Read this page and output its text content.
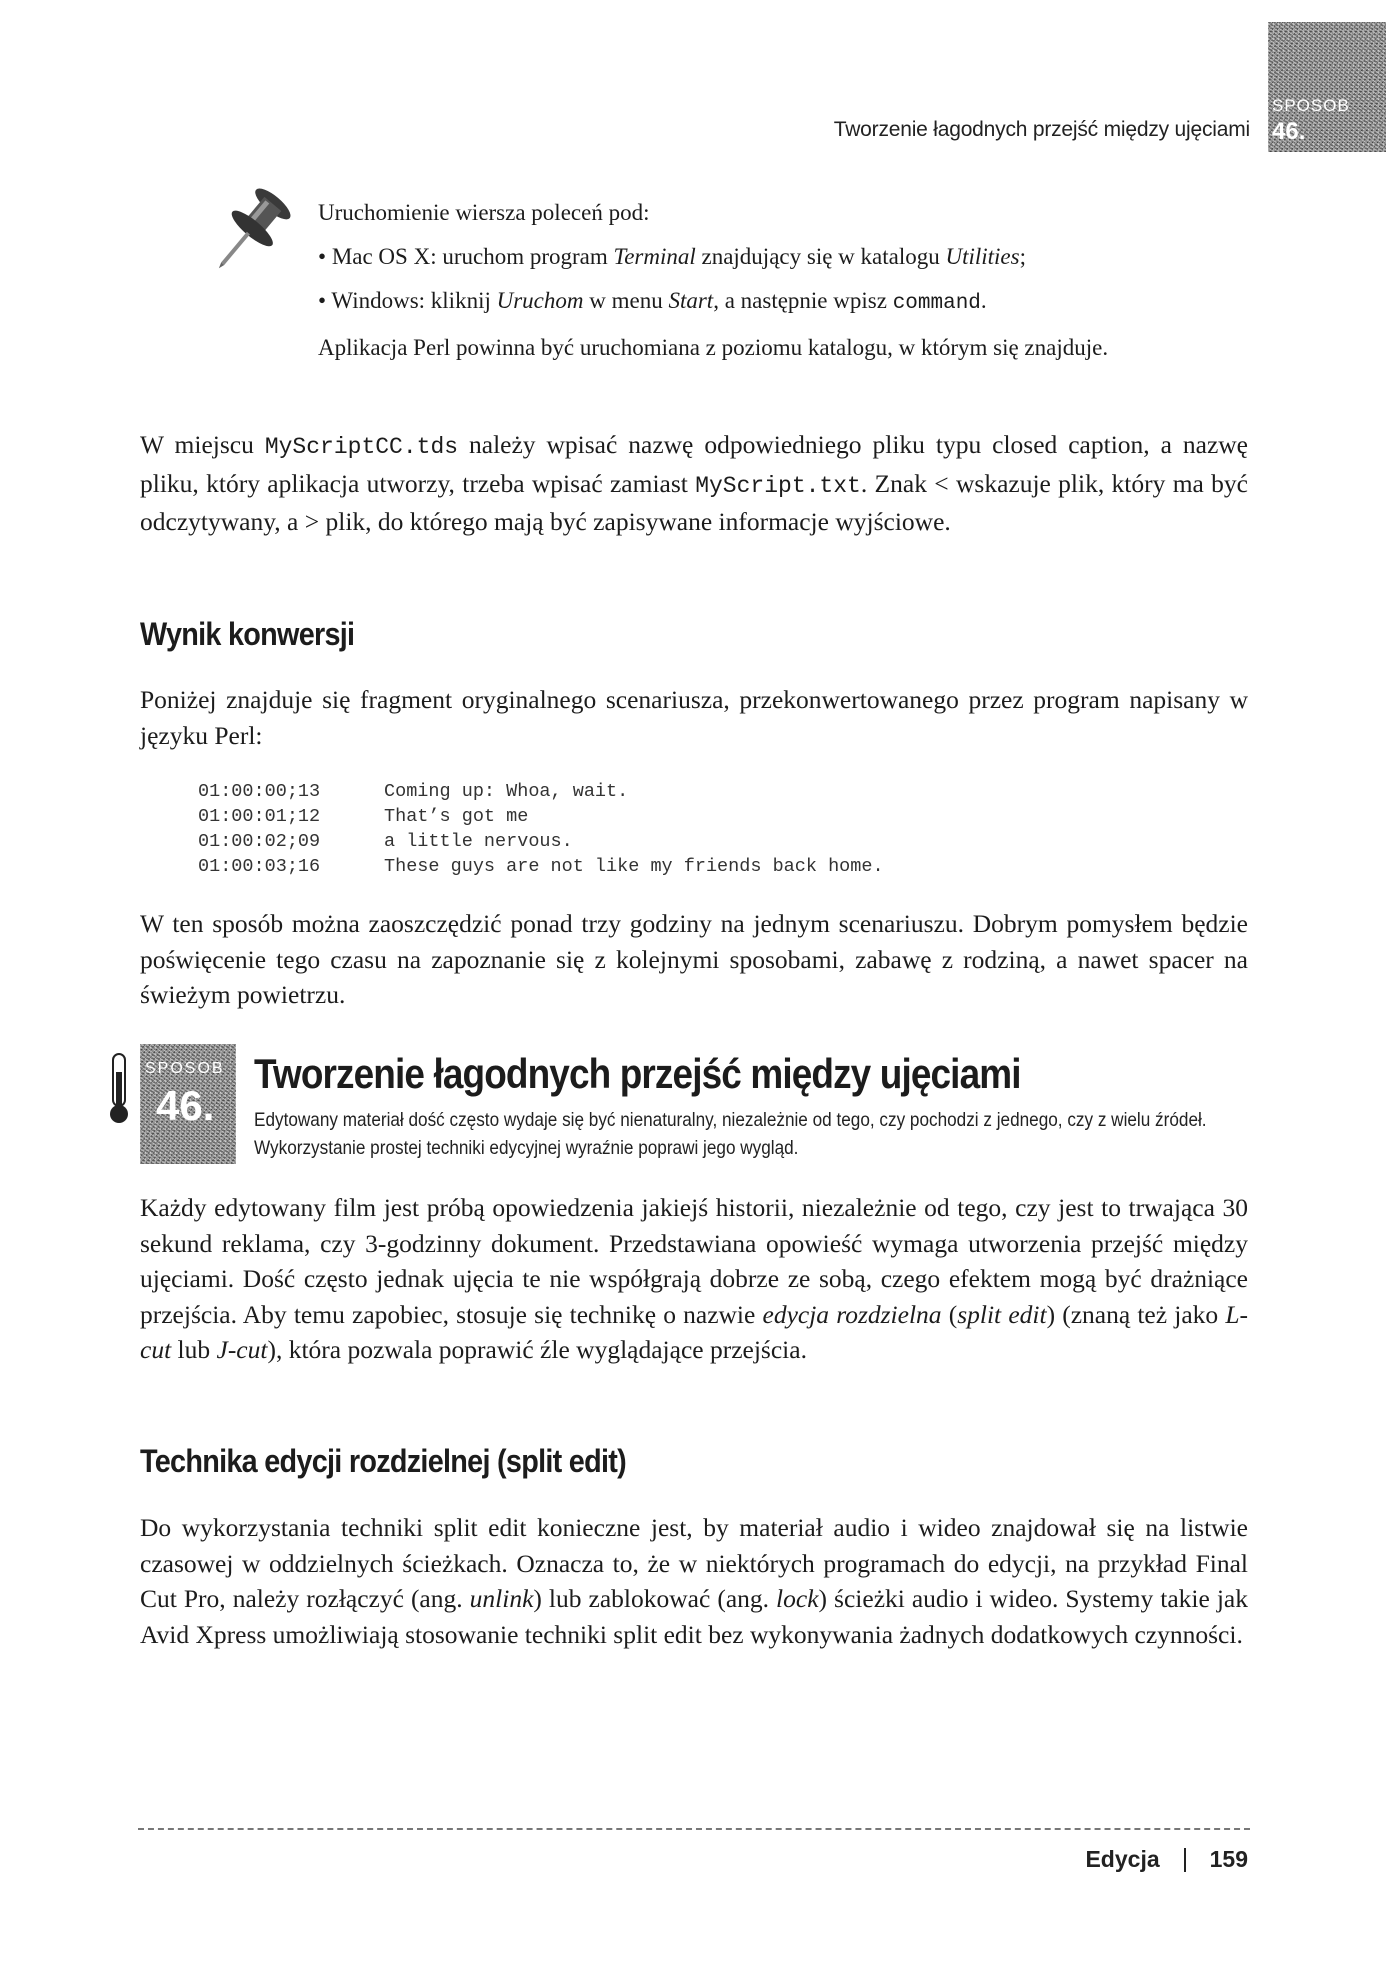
Tworzenie łagodnych przejść między ujęciami
SPOSOB
46.

Uruchomienie wiersza poleceń pod:

• Mac OS X: uruchom program Terminal znajdujący się w katalogu Utilities;

• Windows: kliknij Uruchom w menu Start, a następnie wpisz command.

Aplikacja Perl powinna być uruchomiana z poziomu katalogu, w którym się znajduje.

W miejscu MyScriptCC.tds należy wpisać nazwę odpowiedniego pliku typu closed caption, a nazwę pliku, który aplikacja utworzy, trzeba wpisać zamiast MyScript.txt. Znak < wskazuje plik, który ma być odczytywany, a > plik, do którego mają być zapisywane informacje wyjściowe.
Wynik konwersji
Poniżej znajduje się fragment oryginalnego scenariusza, przekonwertowanego przez program napisany w języku Perl:
01:00:00;13	Coming up: Whoa, wait.
01:00:01;12	That’s got me
01:00:02;09	a little nervous.
01:00:03;16	These guys are not like my friends back home.
W ten sposób można zaoszczędzić ponad trzy godziny na jednym scenariuszu. Dobrym pomysłem będzie poświęcenie tego czasu na zapoznanie się z kolejnymi sposobami, zabawę z rodziną, a nawet spacer na świeżym powietrzu.
SPOSOB
46.
Tworzenie łagodnych przejść między ujęciami
Edytowany materiał dość często wydaje się być nienaturalny, niezależnie od tego, czy pochodzi z jednego, czy z wielu źródeł. Wykorzystanie prostej techniki edycyjnej wyraźnie poprawi jego wygląd.
Każdy edytowany film jest próbą opowiedzenia jakiejś historii, niezależnie od tego, czy jest to trwająca 30 sekund reklama, czy 3-godzinny dokument. Przedstawiana opowieść wymaga utworzenia przejść między ujęciami. Dość często jednak ujęcia te nie współgrają dobrze ze sobą, czego efektem mogą być drażniące przejścia. Aby temu zapobiec, stosuje się technikę o nazwie edycja rozdzielna (split edit) (znaną też jako L-cut lub J-cut), która pozwala poprawić źle wyglądające przejścia.
Technika edycji rozdzielnej (split edit)
Do wykorzystania techniki split edit konieczne jest, by materiał audio i wideo znajdował się na listwie czasowej w oddzielnych ścieżkach. Oznacza to, że w niektórych programach do edycji, na przykład Final Cut Pro, należy rozłączyć (ang. unlink) lub zablokować (ang. lock) ścieżki audio i wideo. Systemy takie jak Avid Xpress umożliwiają stosowanie techniki split edit bez wykonywania żadnych dodatkowych czynności.
Edycja 159
